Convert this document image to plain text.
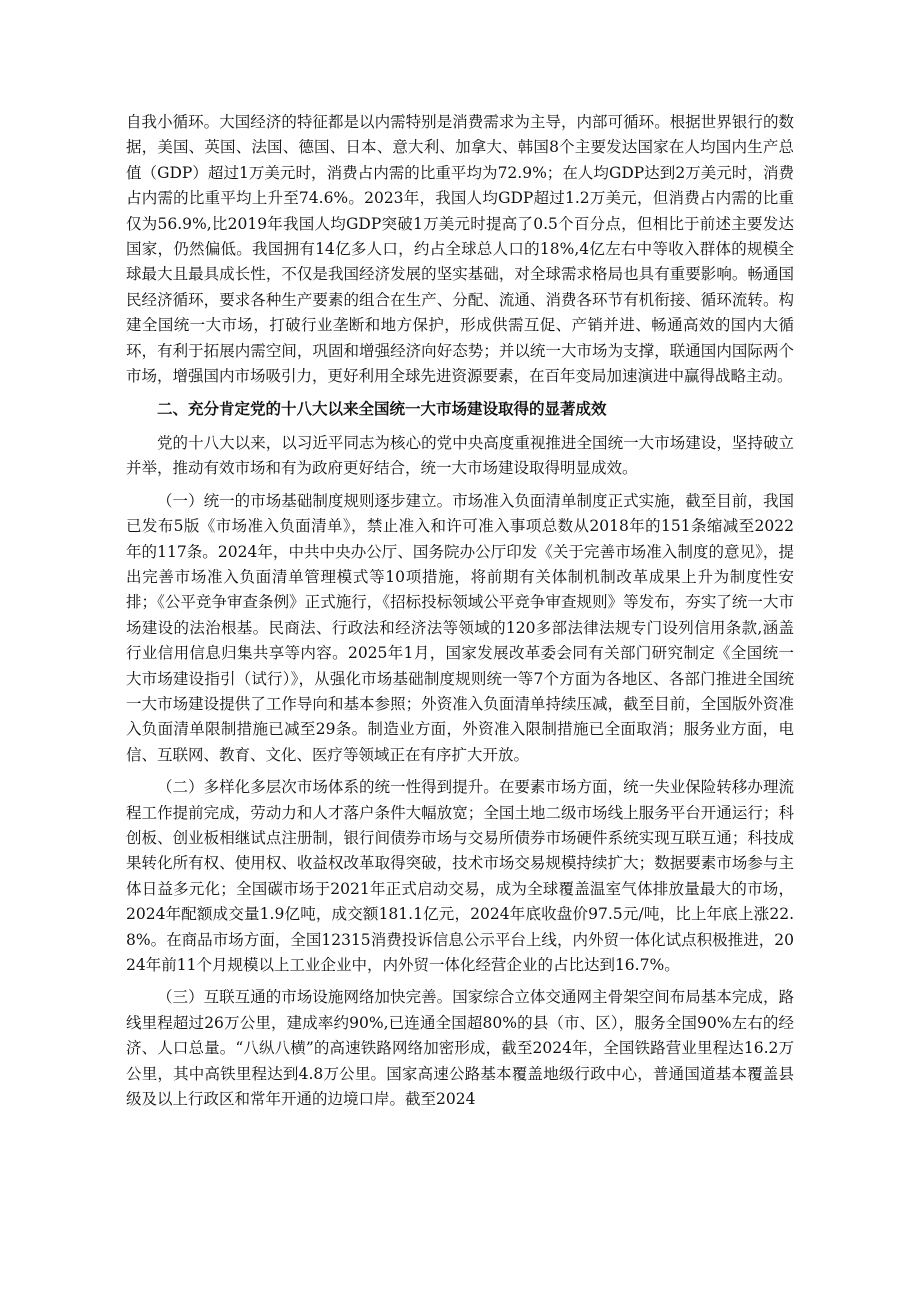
自我小循环。大国经济的特征都是以内需特别是消费需求为主导，内部可循环。根据世界银行的数据，美国、英国、法国、德国、日本、意大利、加拿大、韩国8个主要发达国家在人均国内生产总值（GDP）超过1万美元时，消费占内需的比重平均为72.9%；在人均GDP达到2万美元时，消费占内需的比重平均上升至74.6%。2023年，我国人均GDP超过1.2万美元，但消费占内需的比重仅为56.9%,比2019年我国人均GDP突破1万美元时提高了0.5个百分点，但相比于前述主要发达国家，仍然偏低。我国拥有14亿多人口，约占全球总人口的18%,4亿左右中等收入群体的规模全球最大且最具成长性，不仅是我国经济发展的坚实基础，对全球需求格局也具有重要影响。畅通国民经济循环，要求各种生产要素的组合在生产、分配、流通、消费各环节有机衔接、循环流转。构建全国统一大市场，打破行业垄断和地方保护，形成供需互促、产销并进、畅通高效的国内大循环，有利于拓展内需空间，巩固和增强经济向好态势；并以统一大市场为支撑，联通国内国际两个市场，增强国内市场吸引力，更好利用全球先进资源要素，在百年变局加速演进中赢得战略主动。

二、充分肯定党的十八大以来全国统一大市场建设取得的显著成效

党的十八大以来，以习近平同志为核心的党中央高度重视推进全国统一大市场建设，坚持破立并举，推动有效市场和有为政府更好结合，统一大市场建设取得明显成效。

（一）统一的市场基础制度规则逐步建立。市场准入负面清单制度正式实施，截至目前，我国已发布5版《市场准入负面清单》，禁止准入和许可准入事项总数从2018年的151条缩减至2022年的117条。2024年，中共中央办公厅、国务院办公厅印发《关于完善市场准入制度的意见》，提出完善市场准入负面清单管理模式等10项措施，将前期有关体制机制改革成果上升为制度性安排；《公平竞争审查条例》正式施行，《招标投标领域公平竞争审查规则》等发布，夯实了统一大市场建设的法治根基。民商法、行政法和经济法等领域的120多部法律法规专门设列信用条款,涵盖行业信用信息归集共享等内容。2025年1月，国家发展改革委会同有关部门研究制定《全国统一大市场建设指引（试行）》，从强化市场基础制度规则统一等7个方面为各地区、各部门推进全国统一大市场建设提供了工作导向和基本参照；外资准入负面清单持续压减，截至目前，全国版外资准入负面清单限制措施已减至29条。制造业方面，外资准入限制措施已全面取消；服务业方面，电信、互联网、教育、文化、医疗等领域正在有序扩大开放。

（二）多样化多层次市场体系的统一性得到提升。在要素市场方面，统一失业保险转移办理流程工作提前完成，劳动力和人才落户条件大幅放宽；全国土地二级市场线上服务平台开通运行；科创板、创业板相继试点注册制，银行间债券市场与交易所债券市场硬件系统实现互联互通；科技成果转化所有权、使用权、收益权改革取得突破，技术市场交易规模持续扩大；数据要素市场参与主体日益多元化；全国碳市场于2021年正式启动交易，成为全球覆盖温室气体排放量最大的市场，2024年配额成交量1.9亿吨，成交额181.1亿元，2024年底收盘价97.5元/吨，比上年底上涨22.8%。在商品市场方面，全国12315消费投诉信息公示平台上线，内外贸一体化试点积极推进，2024年前11个月规模以上工业企业中，内外贸一体化经营企业的占比达到16.7%。

（三）互联互通的市场设施网络加快完善。国家综合立体交通网主骨架空间布局基本完成，路线里程超过26万公里，建成率约90%,已连通全国超80%的县（市、区），服务全国90%左右的经济、人口总量。“八纵八横”的高速铁路网络加密形成，截至2024年，全国铁路营业里程达16.2万公里，其中高铁里程达到4.8万公里。国家高速公路基本覆盖地级行政中心，普通国道基本覆盖县级及以上行政区和常年开通的边境口岸。截至2024
